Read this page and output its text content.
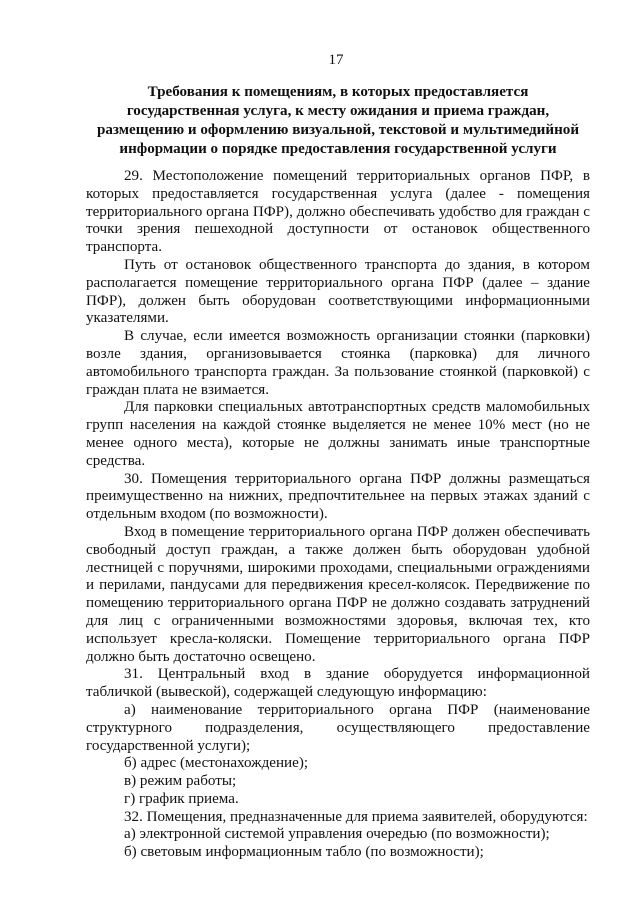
17
Требования к помещениям, в которых предоставляется
государственная услуга, к месту ожидания и приема граждан,
размещению и оформлению визуальной, текстовой и мультимедийной
информации о порядке предоставления государственной услуги

29. Местоположение помещений территориальных органов ПФР, в которых предоставляется государственная услуга (далее - помещения территориального органа ПФР), должно обеспечивать удобство для граждан с точки зрения пешеходной доступности от остановок общественного транспорта.

Путь от остановок общественного транспорта до здания, в котором располагается помещение территориального органа ПФР (далее – здание ПФР), должен быть оборудован соответствующими информационными указателями.

В случае, если имеется возможность организации стоянки (парковки) возле здания, организовывается стоянка (парковка) для личного автомобильного транспорта граждан. За пользование стоянкой (парковкой) с граждан плата не взимается.

Для парковки специальных автотранспортных средств маломобильных групп населения на каждой стоянке выделяется не менее 10% мест (но не менее одного места), которые не должны занимать иные транспортные средства.

30. Помещения территориального органа ПФР должны размещаться преимущественно на нижних, предпочтительнее на первых этажах зданий с отдельным входом (по возможности).

Вход в помещение территориального органа ПФР должен обеспечивать свободный доступ граждан, а также должен быть оборудован удобной лестницей с поручнями, широкими проходами, специальными ограждениями и перилами, пандусами для передвижения кресел-колясок. Передвижение по помещению территориального органа ПФР не должно создавать затруднений для лиц с ограниченными возможностями здоровья, включая тех, кто использует кресла-коляски. Помещение территориального органа ПФР должно быть достаточно освещено.

31. Центральный вход в здание оборудуется информационной табличкой (вывеской), содержащей следующую информацию:

а) наименование территориального органа ПФР (наименование структурного подразделения, осуществляющего предоставление государственной услуги);

б) адрес (местонахождение);

в) режим работы;

г) график приема.

32. Помещения, предназначенные для приема заявителей, оборудуются:

а) электронной системой управления очередью (по возможности);

б) световым информационным табло (по возможности);
